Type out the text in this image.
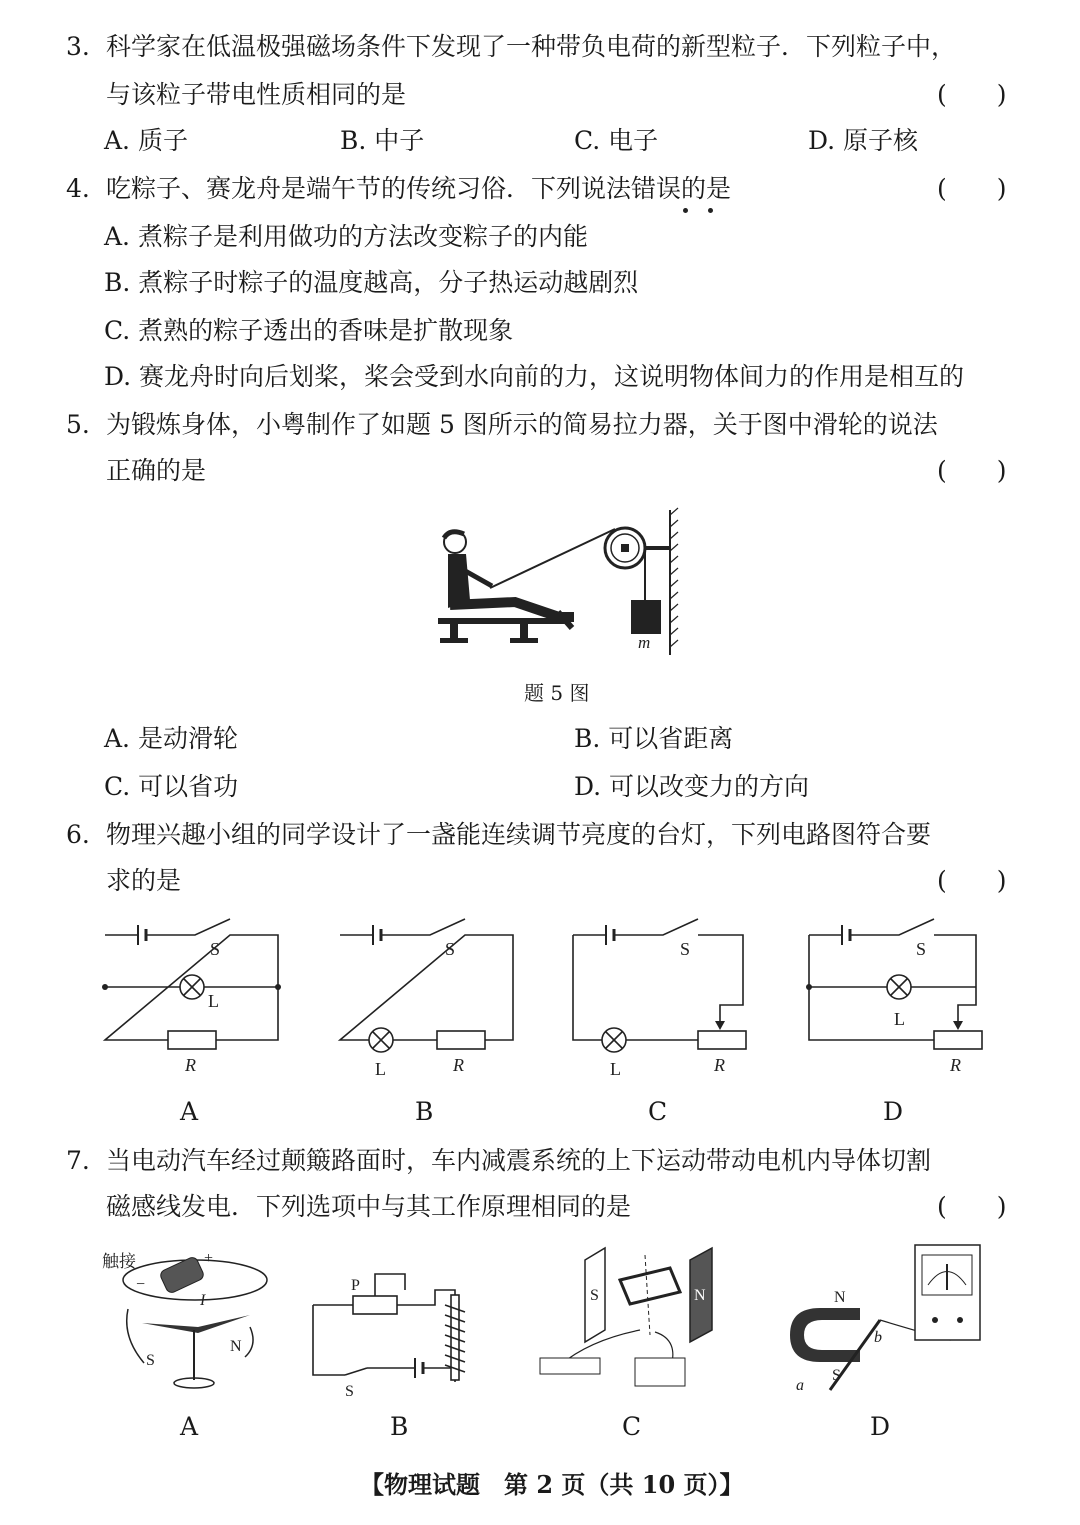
3. 科学家在低温极强磁场条件下发现了一种带负电荷的新型粒子．下列粒子中，
与该粒子带电性质相同的是	(　　)
A. 质子	B. 中子	C. 电子	D. 原子核
4. 吃粽子、赛龙舟是端午节的传统习俗．下列说法错误的是	(　　)
A. 煮粽子是利用做功的方法改变粽子的内能
B. 煮粽子时粽子的温度越高，分子热运动越剧烈
C. 煮熟的粽子透出的香味是扩散现象
D. 赛龙舟时向后划桨，桨会受到水向前的力，这说明物体间力的作用是相互的
5. 为锻炼身体，小粤制作了如题 5 图所示的简易拉力器，关于图中滑轮的说法
正确的是	(　　)
m
题 5 图
A. 是动滑轮	B. 可以省距离
C. 可以省功	D. 可以改变力的方向
6. 物理兴趣小组的同学设计了一盏能连续调节亮度的台灯，下列电路图符合要
求的是	(　　)
S
L
R
S
L	R
S
L	R
S
L
R
A	B	C	D
7. 当电动汽车经过颠簸路面时，车内减震系统的上下运动带动电机内导体切割
磁感线发电．下列选项中与其工作原理相同的是	(　　)
触接	+
−
I
S
N
P
S
S	N	N
S
a
b
A	B	C	D
【物理试题　第 2 页（共 10 页）】
